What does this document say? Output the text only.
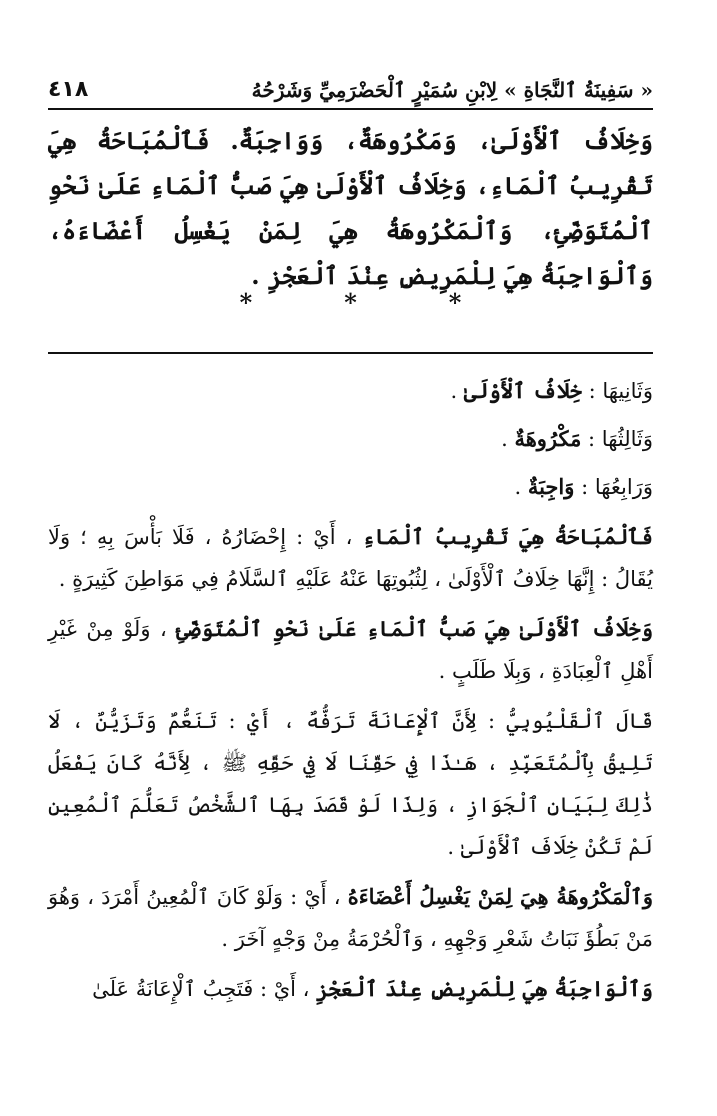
« سَفِينَةُ ٱلنَّجَاةِ » لِابْنِ سُمَيْرٍ ٱلْحَضْرَمِيِّ وَشَرْحُهُ
٤١٨

وَخِلَافُ ٱلْأَوْلَىٰ، وَمَكْرُوهَةٌ، وَوَاجِبَةٌ. فَٱلْمُبَاحَةُ هِيَ تَقْرِيبُ ٱلْمَاءِ، وَخِلَافُ ٱلْأَوْلَىٰ هِيَ صَبُّ ٱلْمَاءِ عَلَىٰ نَحْوِ ٱلْمُتَوَضِّئِ، وَٱلْمَكْرُوهَةُ هِيَ لِمَنْ يَغْسِلُ أَعْضَاءَهُ، وَٱلْوَاجِبَةُ هِيَ لِلْمَرِيضِ عِنْدَ ٱلْعَجْزِ .

*
*
*

وَثَانِيهَا : خِلَافُ ٱلْأَوْلَىٰ .

وَثَالِثُهَا : مَكْرُوهَةٌ .

وَرَابِعُهَا : وَاجِبَةٌ .

فَٱلْمُبَاحَةُ هِيَ تَقْرِيبُ ٱلْمَاءِ ، أَيْ : إِحْضَارُهُ ، فَلَا بَأْسَ بِهِ ؛ وَلَا يُقَالُ : إِنَّهَا خِلَافُ ٱلْأَوْلَىٰ ، لِثُبُوتِهَا عَنْهُ عَلَيْهِ ٱلسَّلَامُ فِي مَوَاطِنَ كَثِيرَةٍ .

وَخِلَافُ ٱلْأَوْلَىٰ هِيَ صَبُّ ٱلْمَاءِ عَلَىٰ نَحْوِ ٱلْمُتَوَضِّئِ ، وَلَوْ مِنْ غَيْرِ أَهْلِ ٱلْعِبَادَةِ ، وَبِلَا طَلَبٍ .

قَالَ ٱلْقَلْيُوبِيُّ : لِأَنَّ ٱلْإِعَانَةَ تَرَفُّهٌ ، أَيْ : تَنَعُّمٌ وَتَزَيُّنٌ ، لَا تَلِيقُ بِٱلْمُتَعَبِّدِ ، هَـٰذَا فِي حَقِّنَا لَا فِي حَقِّهِ ﷺ ، لِأَنَّهُ كَانَ يَفْعَلُ ذَٰلِكَ لِبَيَانِ ٱلْجَوَازِ ، وَلِذَا لَوْ قَصَدَ بِهَا ٱلشَّخْصُ تَعَلُّمَ ٱلْمُعِينِ لَمْ تَكُنْ خِلَافَ ٱلْأَوْلَىٰ .

وَٱلْمَكْرُوهَةُ هِيَ لِمَنْ يَغْسِلُ أَعْضَاءَهُ ، أَيْ : وَلَوْ كَانَ ٱلْمُعِينُ أَمْرَدَ ، وَهُوَ مَنْ بَطُؤَ نَبَاتُ شَعْرِ وَجْهِهِ ، وَٱلْحُرْمَةُ مِنْ وَجْهٍ آخَرَ .

وَٱلْوَاجِبَةُ هِيَ لِلْمَرِيضِ عِنْدَ ٱلْعَجْزِ ، أَيْ : فَتَجِبُ ٱلْإِعَانَةُ عَلَىٰ
